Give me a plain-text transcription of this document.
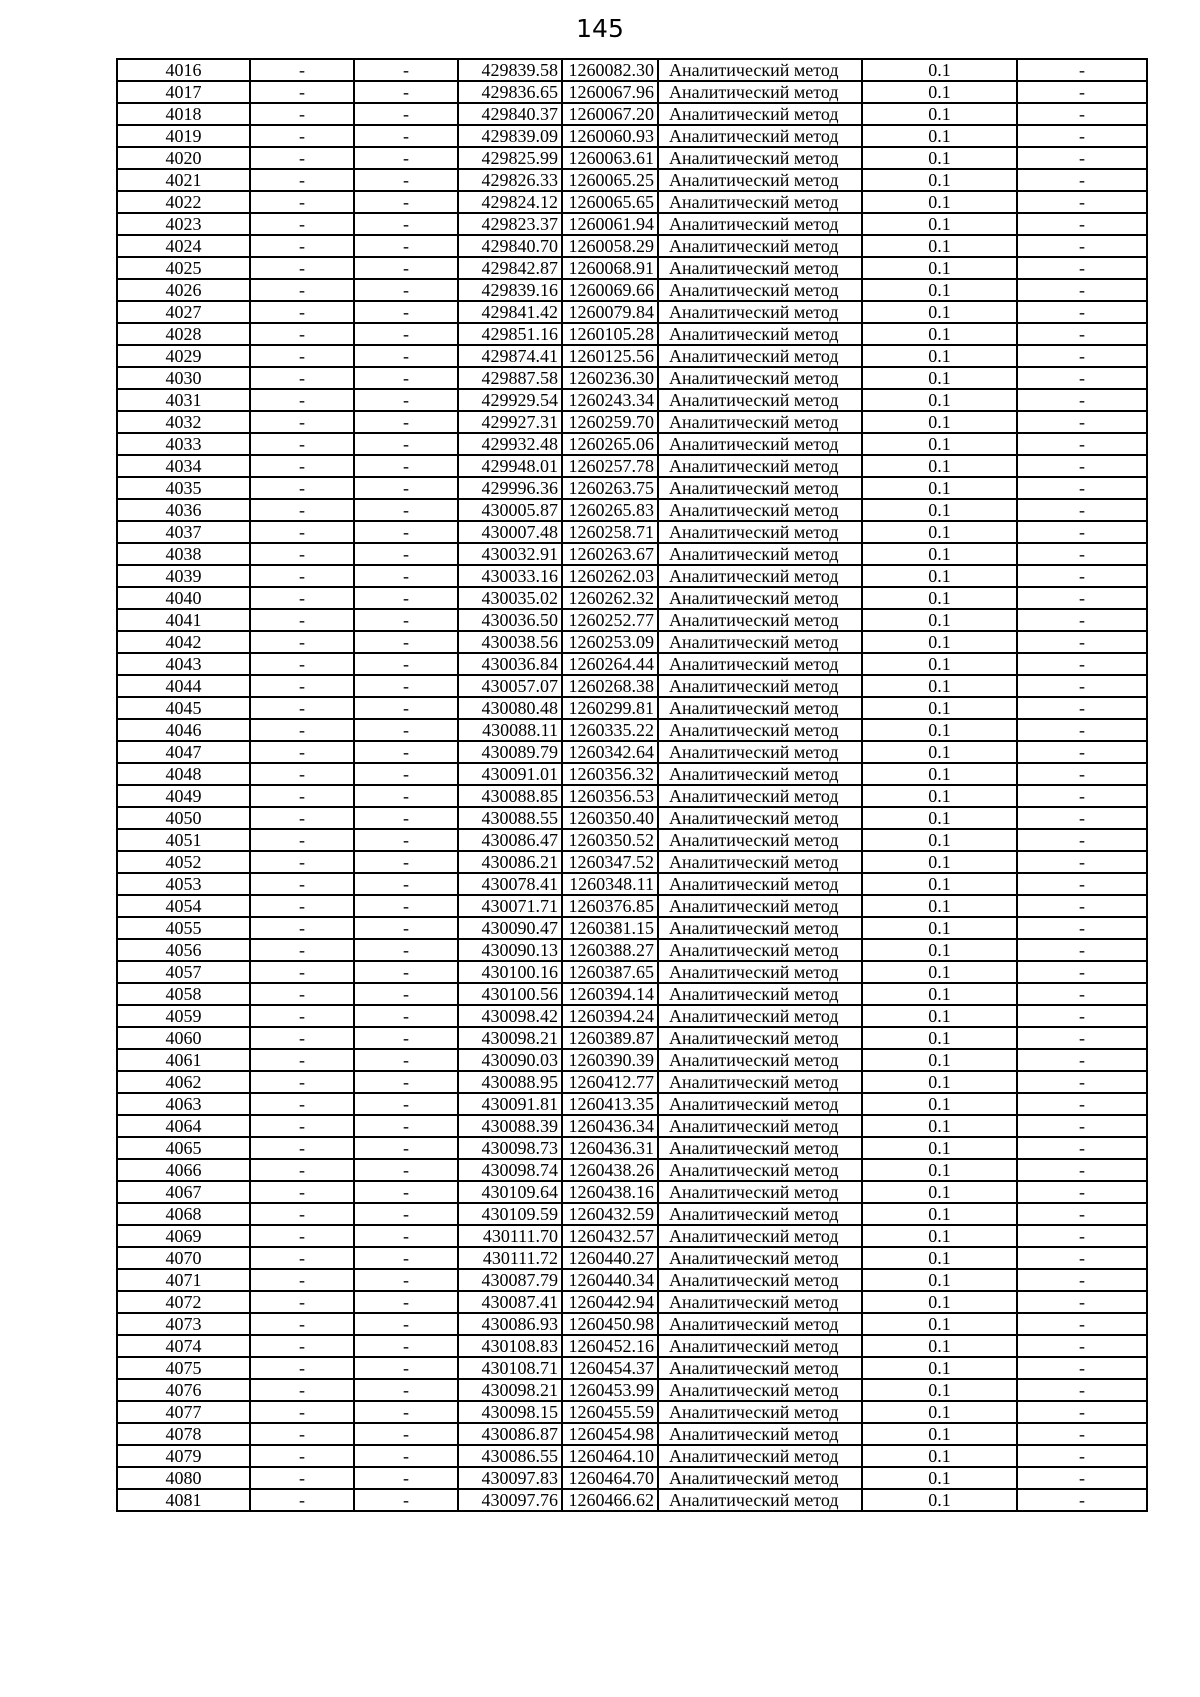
145
4016	-	-	429839.58	1260082.30	Аналитический метод	0.1	-
4017	-	-	429836.65	1260067.96	Аналитический метод	0.1	-
4018	-	-	429840.37	1260067.20	Аналитический метод	0.1	-
4019	-	-	429839.09	1260060.93	Аналитический метод	0.1	-
4020	-	-	429825.99	1260063.61	Аналитический метод	0.1	-
4021	-	-	429826.33	1260065.25	Аналитический метод	0.1	-
4022	-	-	429824.12	1260065.65	Аналитический метод	0.1	-
4023	-	-	429823.37	1260061.94	Аналитический метод	0.1	-
4024	-	-	429840.70	1260058.29	Аналитический метод	0.1	-
4025	-	-	429842.87	1260068.91	Аналитический метод	0.1	-
4026	-	-	429839.16	1260069.66	Аналитический метод	0.1	-
4027	-	-	429841.42	1260079.84	Аналитический метод	0.1	-
4028	-	-	429851.16	1260105.28	Аналитический метод	0.1	-
4029	-	-	429874.41	1260125.56	Аналитический метод	0.1	-
4030	-	-	429887.58	1260236.30	Аналитический метод	0.1	-
4031	-	-	429929.54	1260243.34	Аналитический метод	0.1	-
4032	-	-	429927.31	1260259.70	Аналитический метод	0.1	-
4033	-	-	429932.48	1260265.06	Аналитический метод	0.1	-
4034	-	-	429948.01	1260257.78	Аналитический метод	0.1	-
4035	-	-	429996.36	1260263.75	Аналитический метод	0.1	-
4036	-	-	430005.87	1260265.83	Аналитический метод	0.1	-
4037	-	-	430007.48	1260258.71	Аналитический метод	0.1	-
4038	-	-	430032.91	1260263.67	Аналитический метод	0.1	-
4039	-	-	430033.16	1260262.03	Аналитический метод	0.1	-
4040	-	-	430035.02	1260262.32	Аналитический метод	0.1	-
4041	-	-	430036.50	1260252.77	Аналитический метод	0.1	-
4042	-	-	430038.56	1260253.09	Аналитический метод	0.1	-
4043	-	-	430036.84	1260264.44	Аналитический метод	0.1	-
4044	-	-	430057.07	1260268.38	Аналитический метод	0.1	-
4045	-	-	430080.48	1260299.81	Аналитический метод	0.1	-
4046	-	-	430088.11	1260335.22	Аналитический метод	0.1	-
4047	-	-	430089.79	1260342.64	Аналитический метод	0.1	-
4048	-	-	430091.01	1260356.32	Аналитический метод	0.1	-
4049	-	-	430088.85	1260356.53	Аналитический метод	0.1	-
4050	-	-	430088.55	1260350.40	Аналитический метод	0.1	-
4051	-	-	430086.47	1260350.52	Аналитический метод	0.1	-
4052	-	-	430086.21	1260347.52	Аналитический метод	0.1	-
4053	-	-	430078.41	1260348.11	Аналитический метод	0.1	-
4054	-	-	430071.71	1260376.85	Аналитический метод	0.1	-
4055	-	-	430090.47	1260381.15	Аналитический метод	0.1	-
4056	-	-	430090.13	1260388.27	Аналитический метод	0.1	-
4057	-	-	430100.16	1260387.65	Аналитический метод	0.1	-
4058	-	-	430100.56	1260394.14	Аналитический метод	0.1	-
4059	-	-	430098.42	1260394.24	Аналитический метод	0.1	-
4060	-	-	430098.21	1260389.87	Аналитический метод	0.1	-
4061	-	-	430090.03	1260390.39	Аналитический метод	0.1	-
4062	-	-	430088.95	1260412.77	Аналитический метод	0.1	-
4063	-	-	430091.81	1260413.35	Аналитический метод	0.1	-
4064	-	-	430088.39	1260436.34	Аналитический метод	0.1	-
4065	-	-	430098.73	1260436.31	Аналитический метод	0.1	-
4066	-	-	430098.74	1260438.26	Аналитический метод	0.1	-
4067	-	-	430109.64	1260438.16	Аналитический метод	0.1	-
4068	-	-	430109.59	1260432.59	Аналитический метод	0.1	-
4069	-	-	430111.70	1260432.57	Аналитический метод	0.1	-
4070	-	-	430111.72	1260440.27	Аналитический метод	0.1	-
4071	-	-	430087.79	1260440.34	Аналитический метод	0.1	-
4072	-	-	430087.41	1260442.94	Аналитический метод	0.1	-
4073	-	-	430086.93	1260450.98	Аналитический метод	0.1	-
4074	-	-	430108.83	1260452.16	Аналитический метод	0.1	-
4075	-	-	430108.71	1260454.37	Аналитический метод	0.1	-
4076	-	-	430098.21	1260453.99	Аналитический метод	0.1	-
4077	-	-	430098.15	1260455.59	Аналитический метод	0.1	-
4078	-	-	430086.87	1260454.98	Аналитический метод	0.1	-
4079	-	-	430086.55	1260464.10	Аналитический метод	0.1	-
4080	-	-	430097.83	1260464.70	Аналитический метод	0.1	-
4081	-	-	430097.76	1260466.62	Аналитический метод	0.1	-
